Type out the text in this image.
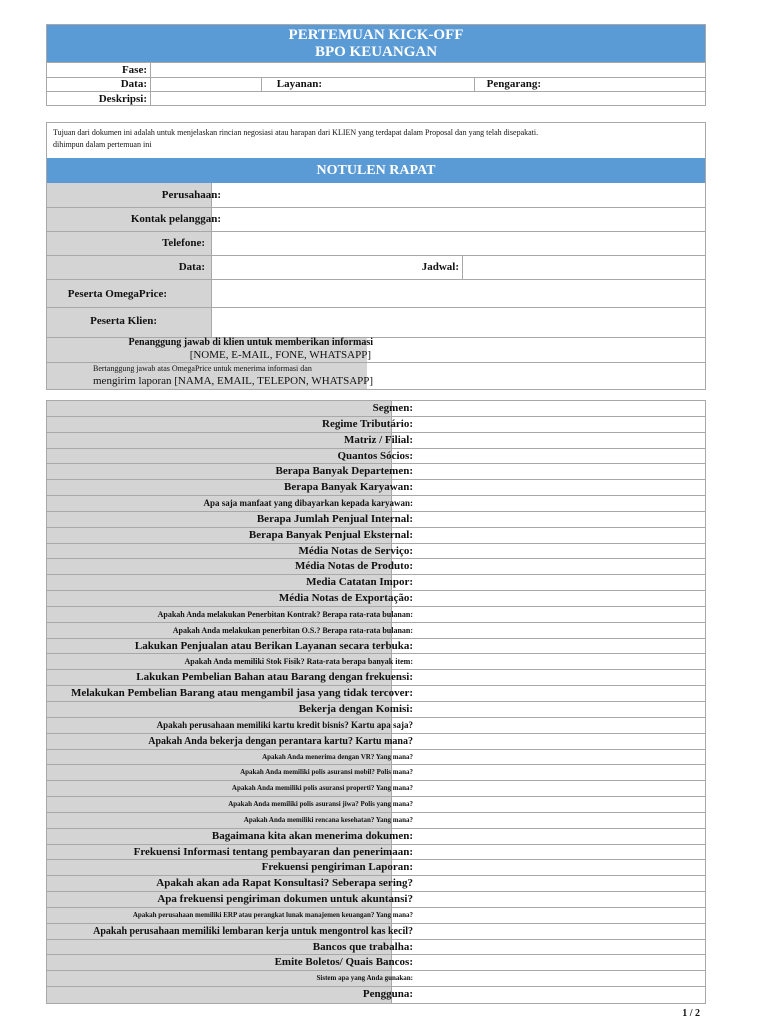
PERTEMUAN KICK-OFF
BPO KEUANGAN
Fase:
Data:	Layanan:	Pengarang:
Deskripsi:
Tujuan dari dokumen ini adalah untuk menjelaskan rincian negosiasi atau harapan dari KLIEN yang terdapat dalam Proposal dan yang telah disepakati.
dihimpun dalam pertemuan ini
NOTULEN RAPAT
Perusahaan:
Kontak pelanggan:
Telefone:
Data:	Jadwal:
Peserta OmegaPrice:
Peserta Klien:
Penanggung jawab di klien untuk memberikan informasi
[NOME, E-MAIL, FONE, WHATSAPP]
Bertanggung jawab atas OmegaPrice untuk menerima informasi dan
mengirim laporan [NAMA, EMAIL, TELEPON, WHATSAPP]
Segmen:
Regime Tributário:
Matriz / Filial:
Quantos Sócios:
Berapa Banyak Departemen:
Berapa Banyak Karyawan:
Apa saja manfaat yang dibayarkan kepada karyawan:
Berapa Jumlah Penjual Internal:
Berapa Banyak Penjual Eksternal:
Média Notas de Serviço:
Média Notas de Produto:
Media Catatan Impor:
Média Notas de Exportação:
Apakah Anda melakukan Penerbitan Kontrak? Berapa rata-rata bulanan:
Apakah Anda melakukan penerbitan O.S.? Berapa rata-rata bulanan:
Lakukan Penjualan atau Berikan Layanan secara terbuka:
Apakah Anda memiliki Stok Fisik? Rata-rata berapa banyak item:
Lakukan Pembelian Bahan atau Barang dengan frekuensi:
Melakukan Pembelian Barang atau mengambil jasa yang tidak tercover:
Bekerja dengan Komisi:
Apakah perusahaan memiliki kartu kredit bisnis? Kartu apa saja?
Apakah Anda bekerja dengan perantara kartu? Kartu mana?
Apakah Anda menerima dengan VR? Yang mana?
Apakah Anda memiliki polis asuransi mobil? Polis mana?
Apakah Anda memiliki polis asuransi properti? Yang mana?
Apakah Anda memiliki polis asuransi jiwa? Polis yang mana?
Apakah Anda memiliki rencana kesehatan? Yang mana?
Bagaimana kita akan menerima dokumen:
Frekuensi Informasi tentang pembayaran dan penerimaan:
Frekuensi pengiriman Laporan:
Apakah akan ada Rapat Konsultasi? Seberapa sering?
Apa frekuensi pengiriman dokumen untuk akuntansi?
Apakah perusahaan memiliki ERP atau perangkat lunak manajemen keuangan? Yang mana?
Apakah perusahaan memiliki lembaran kerja untuk mengontrol kas kecil?
Bancos que trabalha:
Emite Boletos/ Quais Bancos:
Sistem apa yang Anda gunakan:
Pengguna:
1 / 2
